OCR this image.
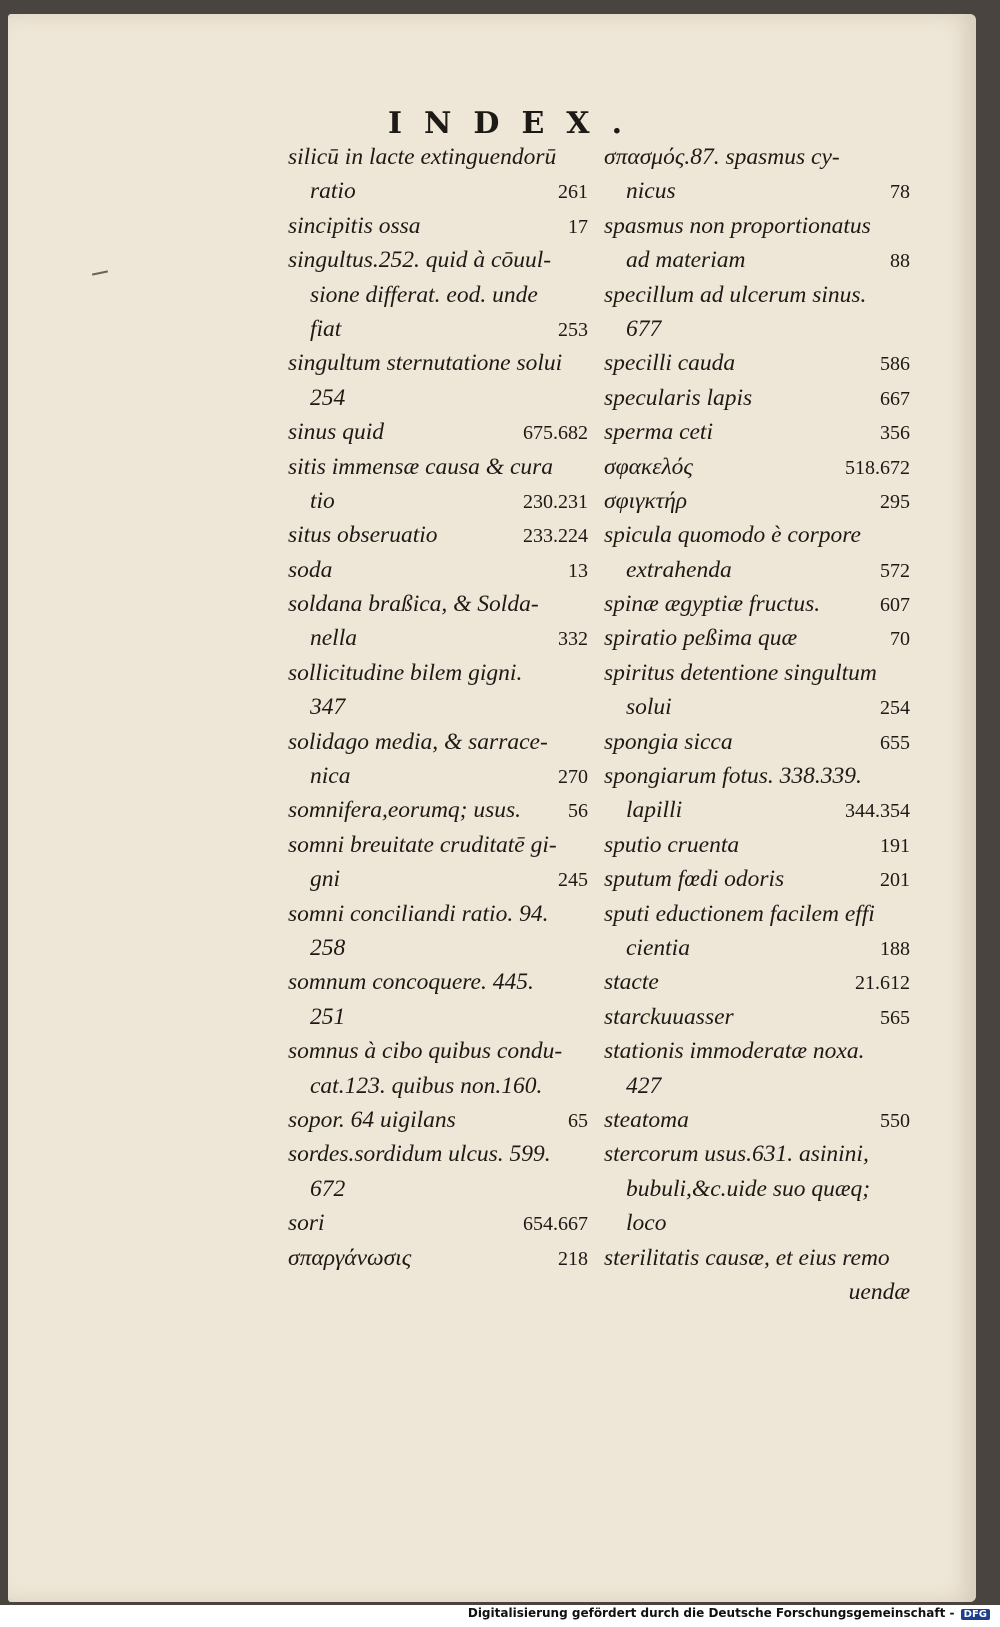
INDEX.
silicū in lacte extinguendorū
ratio	261
sincipitis ossa	17
singultus.252. quid à cōuul-
sione differat. eod. unde
fiat	253
singultum sternutatione solui
254
sinus quid	675.682
sitis immensæ causa & cura
tio	230.231
situs obseruatio	233.224
soda	13
soldana braßica, & Solda-
nella	332
sollicitudine bilem gigni.
347
solidago media, & sarrace-
nica	270
somnifera,eorumq; usus. 56
somni breuitate cruditatē gi-
gni	245
somni conciliandi ratio. 94.
258
somnum concoquere. 445.
251
somnus à cibo quibus condu-
cat.123. quibus non.160.
sopor. 64 uigilans	65
sordes.sordidum ulcus. 599.
672
sori	654.667
σπαργάνωσις	218
σπασμός.87. spasmus cy-
nicus	78
spasmus non proportionatus
ad materiam	88
specillum ad ulcerum sinus.
677
specilli cauda	586
specularis lapis	667
sperma ceti	356
σφακελός	518.672
σφιγκτήρ	295
spicula quomodo è corpore
extrahenda	572
spinæ ægyptiæ fructus.	607
spiratio peßima quæ	70
spiritus detentione singultum
solui	254
spongia sicca	655
spongiarum fotus. 338.339.
lapilli	344.354
sputio cruenta	191
sputum fœdi odoris	201
sputi eductionem facilem effi
cientia	188
stacte	21.612
starckuuasser	565
stationis immoderatæ noxa.
427
steatoma	550
stercorum usus.631. asinini,
bubuli,&c.uide suo quæq;
loco
sterilitatis causæ, et eius remo
uendæ
Digitalisierung gefördert durch die Deutsche Forschungsgemeinschaft - DFG
